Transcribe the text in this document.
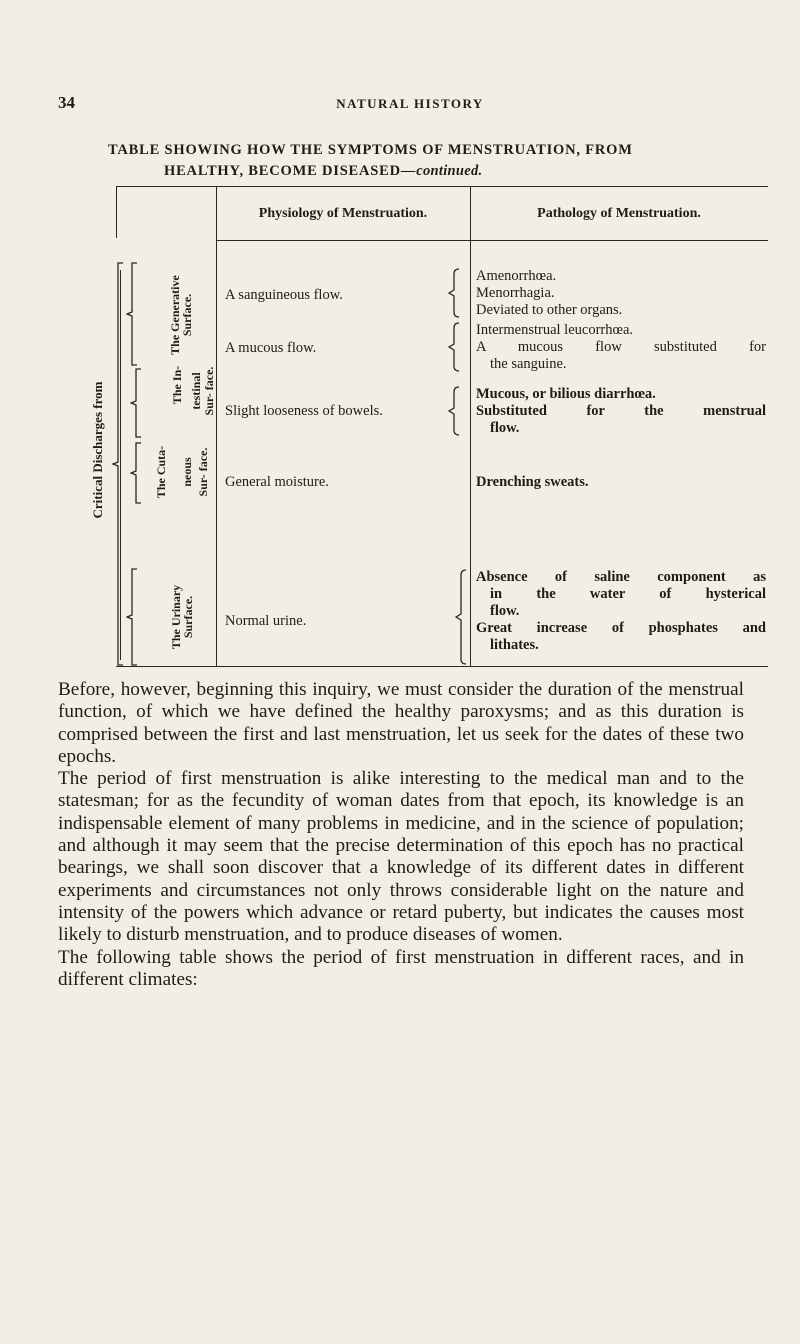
34	NATURAL HISTORY
TABLE SHOWING HOW THE SYMPTOMS OF MENSTRUATION, FROM
HEALTHY, BECOME DISEASED—continued.
Physiology of Menstruation.	Pathology of Menstruation.
Critical Discharges from
The Generative
Surface.
The In- testinal Sur- face.
The Cuta- neous Sur- face.
The Urinary
Surface.
A sanguineous flow.
A mucous flow.
Slight looseness of bowels.
General moisture.
Normal urine.
Amenorrhœa.
Menorrhagia.
Deviated to other organs.
Intermenstrual leucorrhœa.
A mucous flow substituted for
the sanguine.
Mucous, or bilious diarrhœa.
Substituted for the menstrual
flow.
Drenching sweats.
Absence of saline component as
in the water of hysterical
flow.
Great increase of phosphates and
lithates.

Before, however, beginning this inquiry, we must consider the duration of the menstrual function, of which we have defined the healthy paroxysms; and as this duration is comprised between the first and last menstruation, let us seek for the dates of these two epochs.

The period of first menstruation is alike interesting to the medical man and to the statesman; for as the fecundity of woman dates from that epoch, its knowledge is an indispensable element of many problems in medicine, and in the science of population; and although it may seem that the precise determination of this epoch has no practical bearings, we shall soon discover that a knowledge of its different dates in different experiments and circumstances not only throws considerable light on the nature and intensity of the powers which advance or retard puberty, but indicates the causes most likely to disturb menstruation, and to produce diseases of women.

The following table shows the period of first menstruation in different races, and in different climates:
